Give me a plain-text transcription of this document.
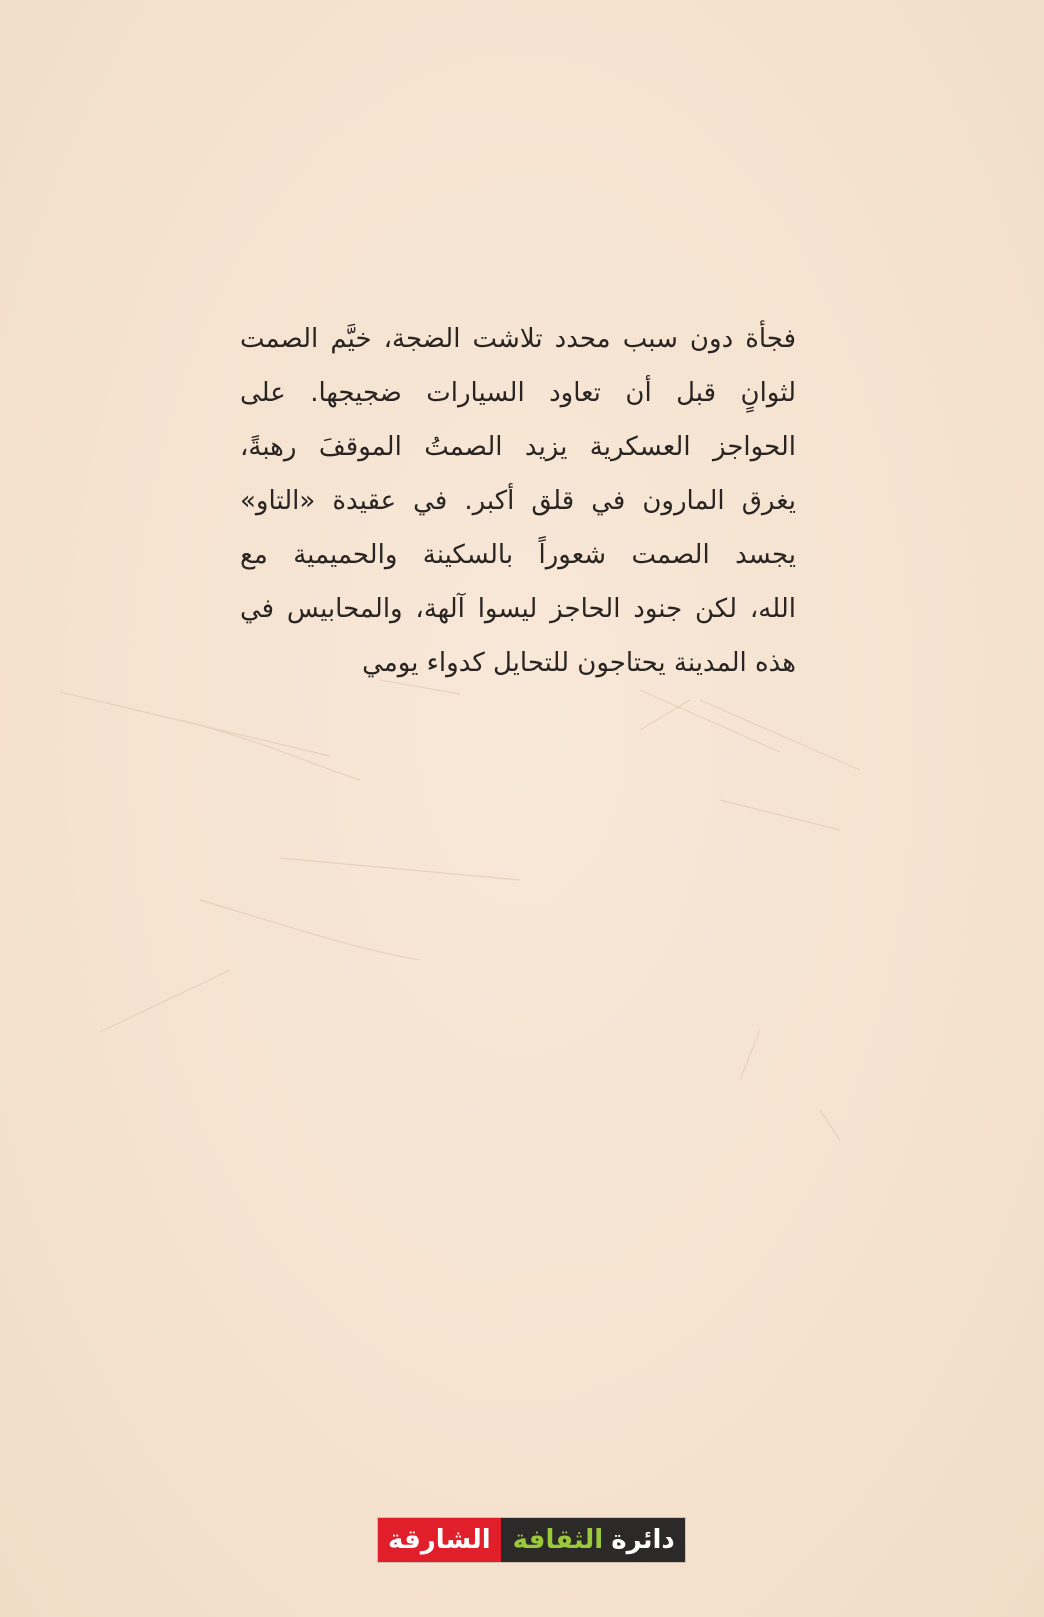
فجأة دون سبب محدد تلاشت الضجة، خيَّم الصمت
لثوانٍ قبل أن تعاود السيارات ضجيجها. على
الحواجز العسكرية يزيد الصمتُ الموقفَ رهبةً،
يغرق المارون في قلق أكبر. في عقيدة «التاو»
يجسد الصمت شعوراً بالسكينة والحميمية مع
الله، لكن جنود الحاجز ليسوا آلهة، والمحابيس في
هذه المدينة يحتاجون للتحايل كدواء يومي
دائرة
الثقافة
الشارقة
